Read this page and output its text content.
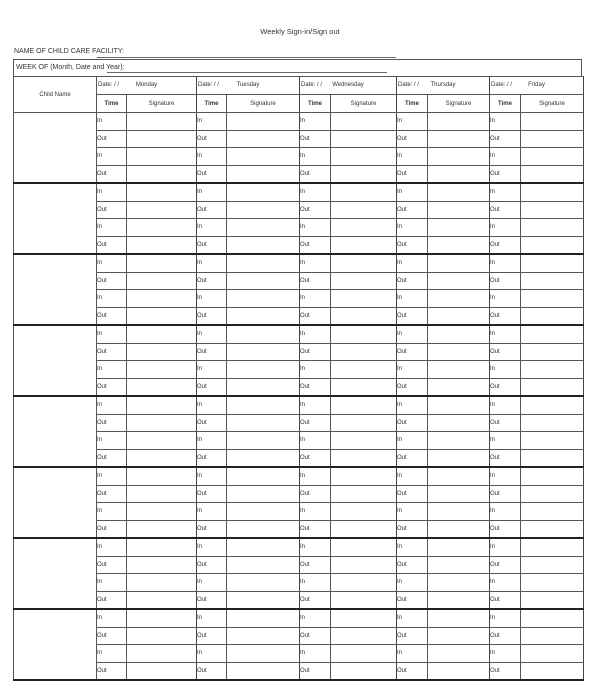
Weekly Sign-in/Sign out
NAME OF CHILD CARE FACILITY:
WEEK OF (Month, Date and Year):
Child Name	Date: / / Monday		Date: / / Tuesday		Date: / / Wednesday		Date: / / Thursday		Date: / / Friday	

	Time	Signature	Time	Signature	Time	Signature	Time	Signature	Time	Signature
	In		In		In		In		In	
	Out		Out		Out		Out		Out	
	In		In		In		In		In	
	Out		Out		Out		Out		Out	
	In		In		In		In		In	
	Out		Out		Out		Out		Out	
	In		In		In		In		In	
	Out		Out		Out		Out		Out	
	In		In		In		In		In	
	Out		Out		Out		Out		Out	
	In		In		In		In		In	
	Out		Out		Out		Out		Out	
	In		In		In		In		In	
	Out		Out		Out		Out		Out	
	In		In		In		In		In	
	Out		Out		Out		Out		Out	
	In		In		In		In		In	
	Out		Out		Out		Out		Out	
	In		In		In		In		In	
	Out		Out		Out		Out		Out	
	In		In		In		In		In	
	Out		Out		Out		Out		Out	
	In		In		In		In		In	
	Out		Out		Out		Out		Out	
	In		In		In		In		In	
	Out		Out		Out		Out		Out	
	In		In		In		In		In	
	Out		Out		Out		Out		Out	
	In		In		In		In		In	
	Out		Out		Out		Out		Out	
	In		In		In		In		In	
	Out		Out		Out		Out		Out	
